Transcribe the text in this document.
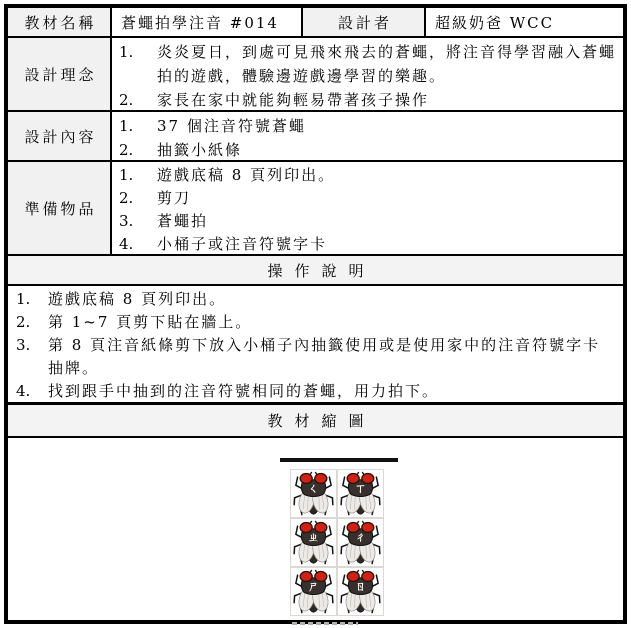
教材名稱	蒼蠅拍學注音 #014	設計者	超級奶爸 WCC
設計理念
1.	炎炎夏日，到處可見飛來飛去的蒼蠅，將注音得學習融入蒼蠅拍的遊戲，體驗邊遊戲邊學習的樂趣。
2.	家長在家中就能夠輕易帶著孩子操作
設計內容
1.	37 個注音符號蒼蠅
2.	抽籤小紙條
準備物品
1.	遊戲底稿 8 頁列印出。
2.	剪刀
3.	蒼蠅拍
4.	小桶子或注音符號字卡
操作說明
1.	遊戲底稿 8 頁列印出。
2.	第 1~7 頁剪下貼在牆上。
3.	第 8 頁注音紙條剪下放入小桶子內抽籤使用或是使用家中的注音符號字卡抽牌。
4.	找到跟手中抽到的注音符號相同的蒼蠅，用力拍下。
教材縮圖
ㄑ ㄒ
ㄓ ㄔ
ㄕ ㄖ
